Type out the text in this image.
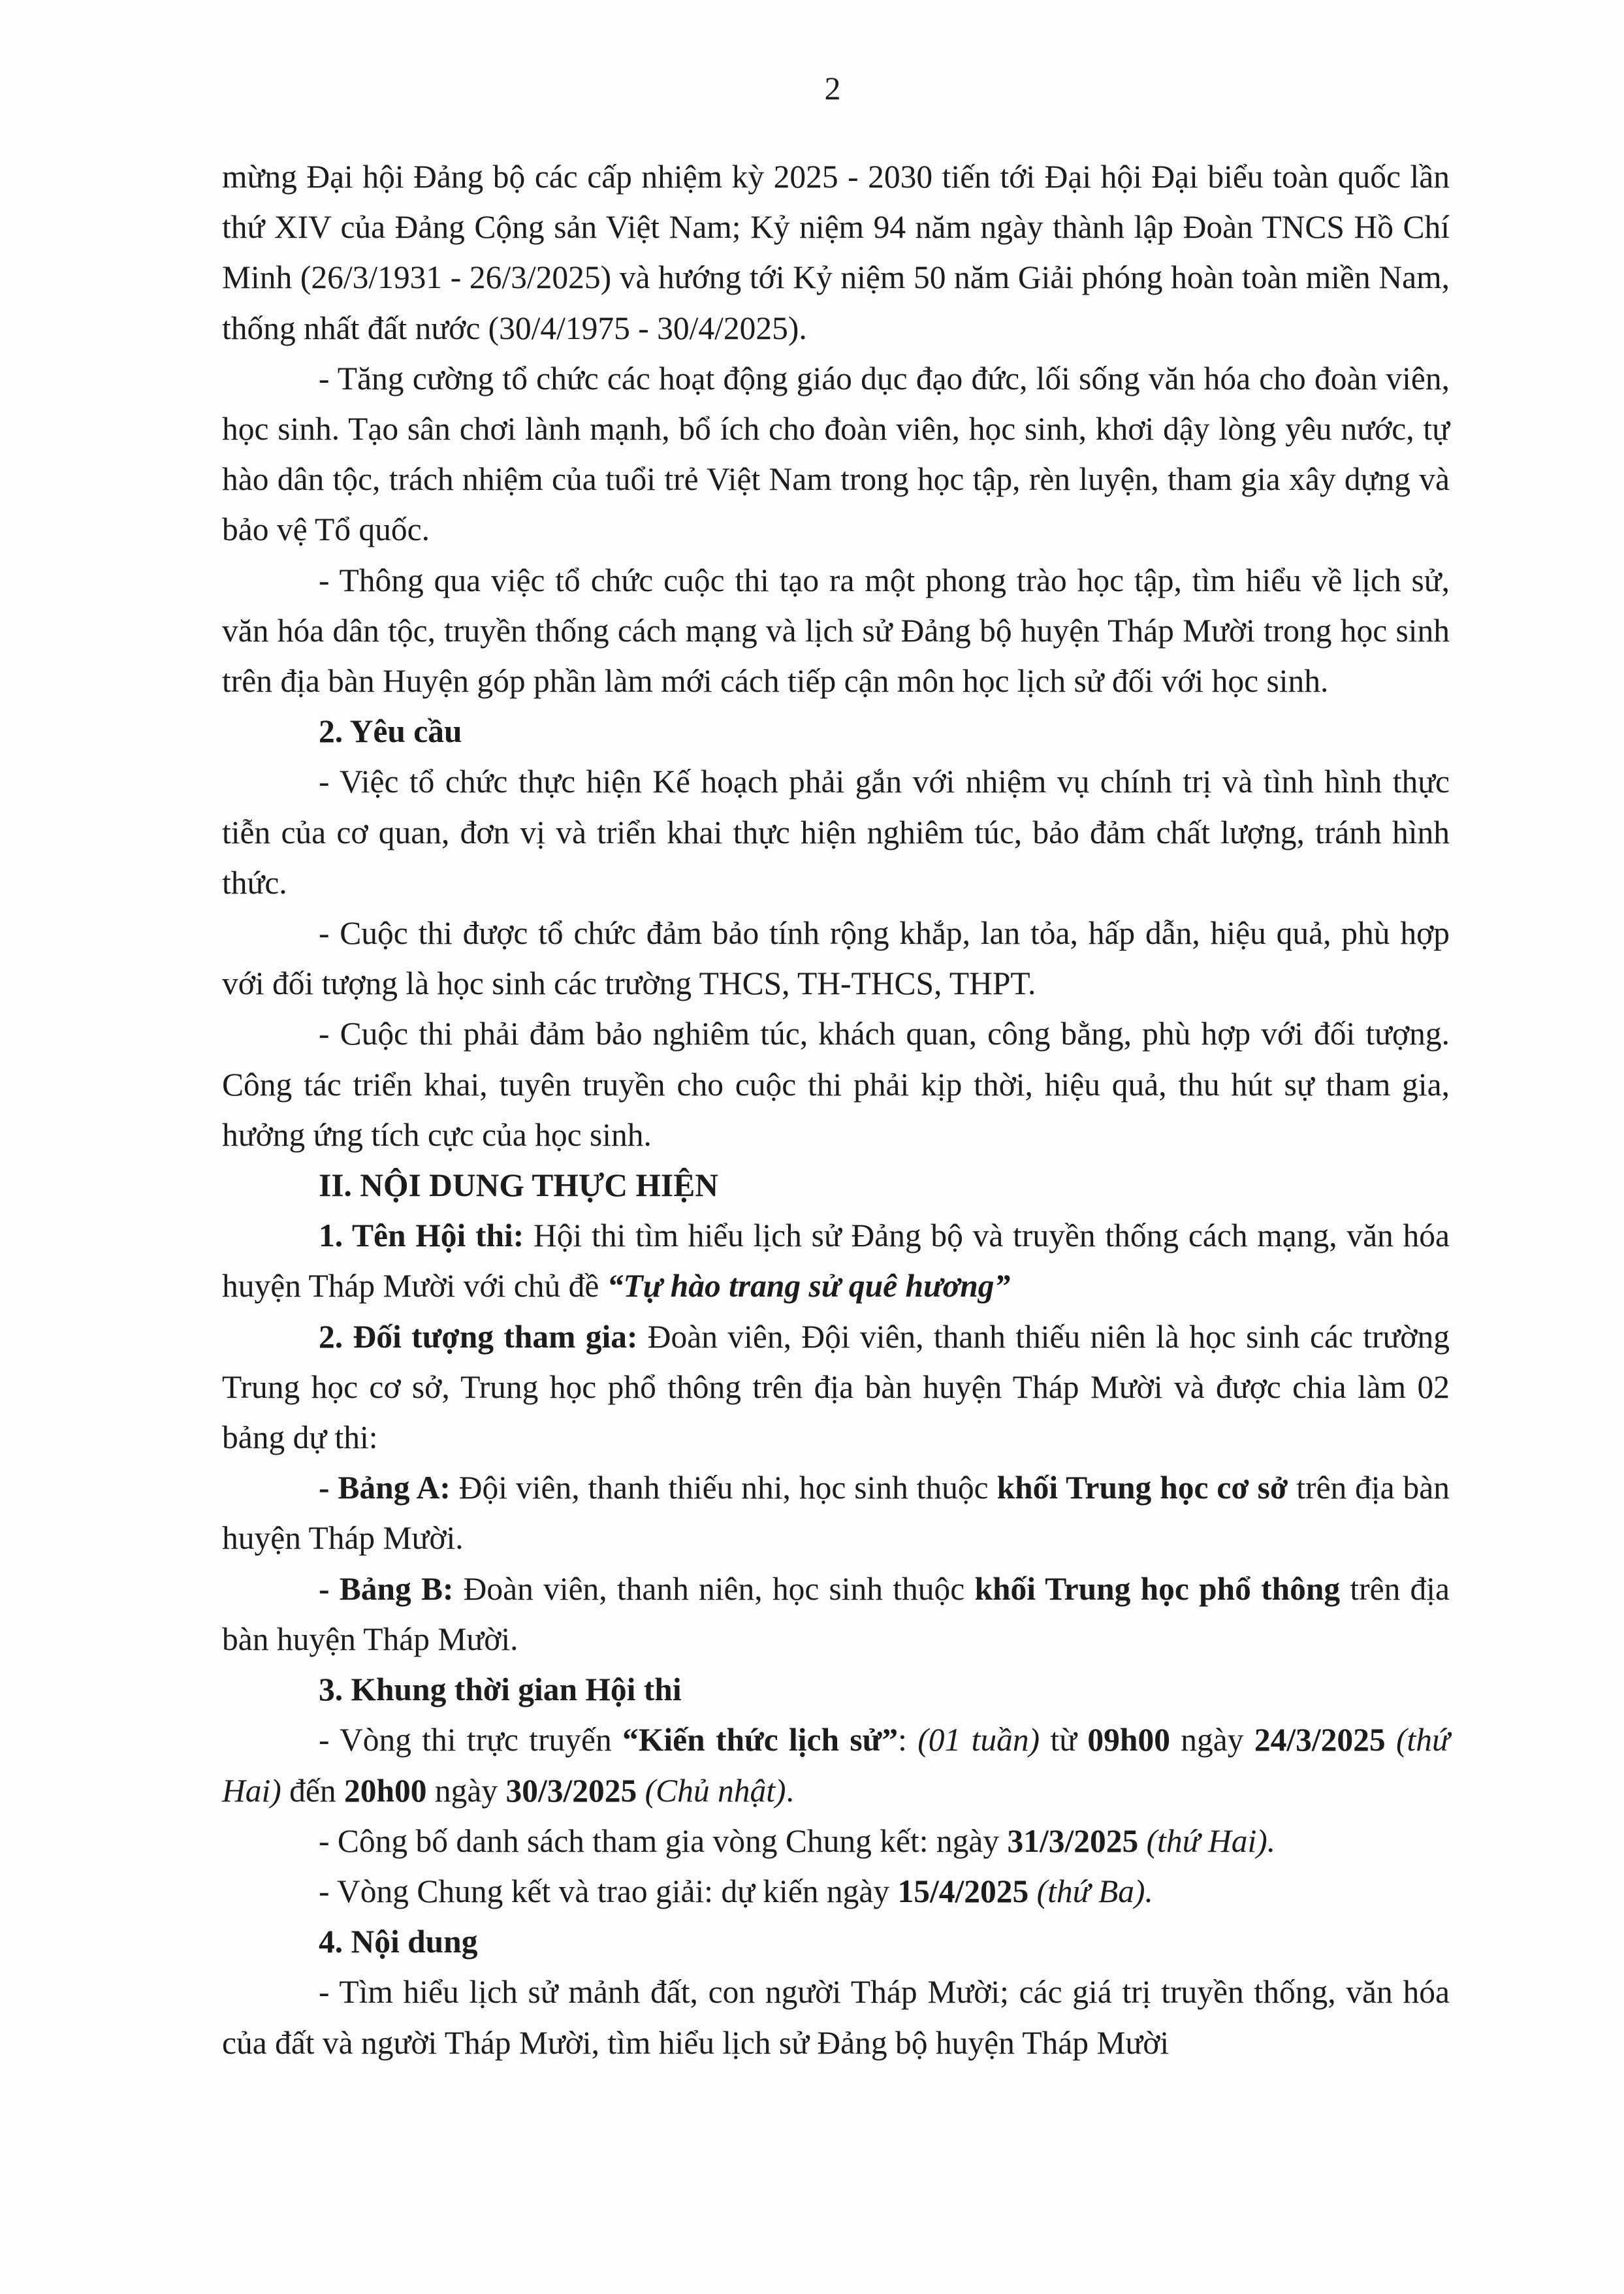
2

mừng Đại hội Đảng bộ các cấp nhiệm kỳ 2025 - 2030 tiến tới Đại hội Đại biểu toàn quốc lần thứ XIV của Đảng Cộng sản Việt Nam; Kỷ niệm 94 năm ngày thành lập Đoàn TNCS Hồ Chí Minh (26/3/1931 - 26/3/2025) và hướng tới Kỷ niệm 50 năm Giải phóng hoàn toàn miền Nam, thống nhất đất nước (30/4/1975 - 30/4/2025).

- Tăng cường tổ chức các hoạt động giáo dục đạo đức, lối sống văn hóa cho đoàn viên, học sinh. Tạo sân chơi lành mạnh, bổ ích cho đoàn viên, học sinh, khơi dậy lòng yêu nước, tự hào dân tộc, trách nhiệm của tuổi trẻ Việt Nam trong học tập, rèn luyện, tham gia xây dựng và bảo vệ Tổ quốc.

- Thông qua việc tổ chức cuộc thi tạo ra một phong trào học tập, tìm hiểu về lịch sử, văn hóa dân tộc, truyền thống cách mạng và lịch sử Đảng bộ huyện Tháp Mười trong học sinh trên địa bàn Huyện góp phần làm mới cách tiếp cận môn học lịch sử đối với học sinh.

2. Yêu cầu

- Việc tổ chức thực hiện Kế hoạch phải gắn với nhiệm vụ chính trị và tình hình thực tiễn của cơ quan, đơn vị và triển khai thực hiện nghiêm túc, bảo đảm chất lượng, tránh hình thức.

- Cuộc thi được tổ chức đảm bảo tính rộng khắp, lan tỏa, hấp dẫn, hiệu quả, phù hợp với đối tượng là học sinh các trường THCS, TH-THCS, THPT.

- Cuộc thi phải đảm bảo nghiêm túc, khách quan, công bằng, phù hợp với đối tượng. Công tác triển khai, tuyên truyền cho cuộc thi phải kịp thời, hiệu quả, thu hút sự tham gia, hưởng ứng tích cực của học sinh.

II. NỘI DUNG THỰC HIỆN

1. Tên Hội thi: Hội thi tìm hiểu lịch sử Đảng bộ và truyền thống cách mạng, văn hóa huyện Tháp Mười với chủ đề “Tự hào trang sử quê hương”

2. Đối tượng tham gia: Đoàn viên, Đội viên, thanh thiếu niên là học sinh các trường Trung học cơ sở, Trung học phổ thông trên địa bàn huyện Tháp Mười và được chia làm 02 bảng dự thi:

- Bảng A: Đội viên, thanh thiếu nhi, học sinh thuộc khối Trung học cơ sở trên địa bàn huyện Tháp Mười.

- Bảng B: Đoàn viên, thanh niên, học sinh thuộc khối Trung học phổ thông trên địa bàn huyện Tháp Mười.

3. Khung thời gian Hội thi

- Vòng thi trực truyến “Kiến thức lịch sử”: (01 tuần) từ 09h00 ngày 24/3/2025 (thứ Hai) đến 20h00 ngày 30/3/2025 (Chủ nhật).

- Công bố danh sách tham gia vòng Chung kết: ngày 31/3/2025 (thứ Hai).

- Vòng Chung kết và trao giải: dự kiến ngày 15/4/2025 (thứ Ba).

4. Nội dung

- Tìm hiểu lịch sử mảnh đất, con người Tháp Mười; các giá trị truyền thống, văn hóa của đất và người Tháp Mười, tìm hiểu lịch sử Đảng bộ huyện Tháp Mười
